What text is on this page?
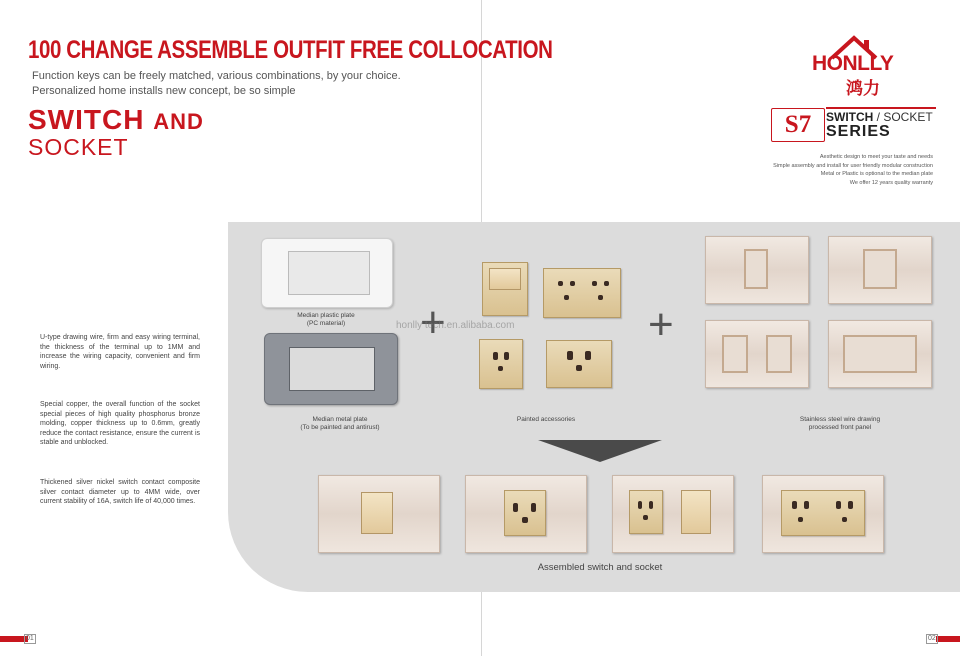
100 CHANGE ASSEMBLE OUTFIT FREE COLLOCATION
Function keys can be freely matched, various combinations, by your choice.
Personalized home installs new concept, be so simple
SWITCH AND
SOCKET
HONLLY
鸿力
S7	SWITCH / SOCKET
SERIES
Aesthetic design to meet your taste and needs
Simple assembly and install for user friendly modular construction
Metal or Plastic is optional to the median plate
We offer 12 years quality warranty
U-type drawing wire, firm and easy wiring terminal, the thickness of the terminal up to 1MM and increase the wiring capacity, convenient and firm wiring.
Special copper, the overall function of the socket special pieces of high quality phosphorus bronze molding, copper thickness up to 0.6mm, greatly reduce the contact resistance, ensure the current is stable and unblocked.
Thickened silver nickel switch contact composite silver contact diameter up to 4MM wide, over current stability of 16A, switch life of 40,000 times.
Median plastic plate
(PC material)
Median metal plate
(To be painted and antirust)
+
honlly tech.en.alibaba.com
Painted accessories
+
Stainless steel wire drawing
processed front panel
Assembled switch and socket
01	02
